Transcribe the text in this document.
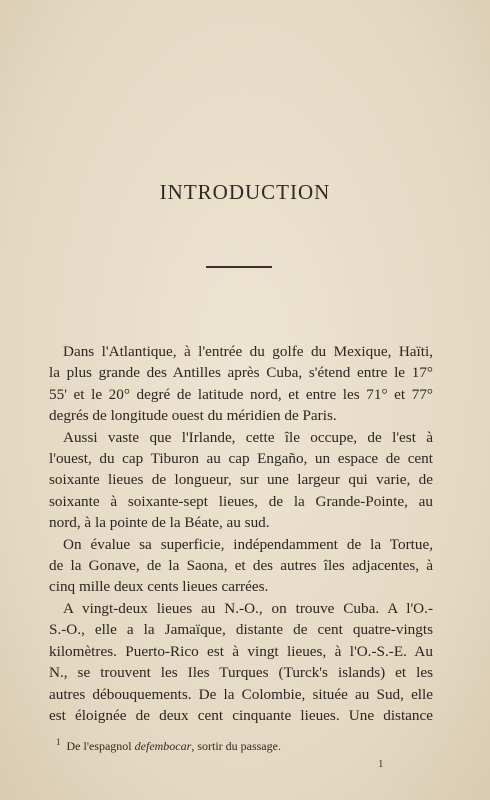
INTRODUCTION
Dans l'Atlantique, à l'entrée du golfe du Mexique, Haïti,
la plus grande des Antilles après Cuba, s'étend entre le 17°
55' et le 20° degré de latitude nord, et entre les 71° et 77°
degrés de longitude ouest du méridien de Paris.
Aussi vaste que l'Irlande, cette île occupe, de l'est à
l'ouest, du cap Tiburon au cap Engaño, un espace de cent
soixante lieues de longueur, sur une largeur qui varie, de
soixante à soixante-sept lieues, de la Grande-Pointe, au
nord, à la pointe de la Béate, au sud.
On évalue sa superficie, indépendamment de la Tortue,
de la Gonave, de la Saona, et des autres îles adjacentes, à
cinq mille deux cents lieues carrées.
A vingt-deux lieues au N.-O., on trouve Cuba. A l'O.-
S.-O., elle a la Jamaïque, distante de cent quatre-vingts
kilomètres. Puerto-Rico est à vingt lieues, à l'O.-S.-E. Au
N., se trouvent les Iles Turques (Turck's islands) et les
autres débouquements. De la Colombie, située au Sud, elle
est éloignée de deux cent cinquante lieues. Une distance
$^1$ De l'espagnol defembocar, sortir du passage.
1
